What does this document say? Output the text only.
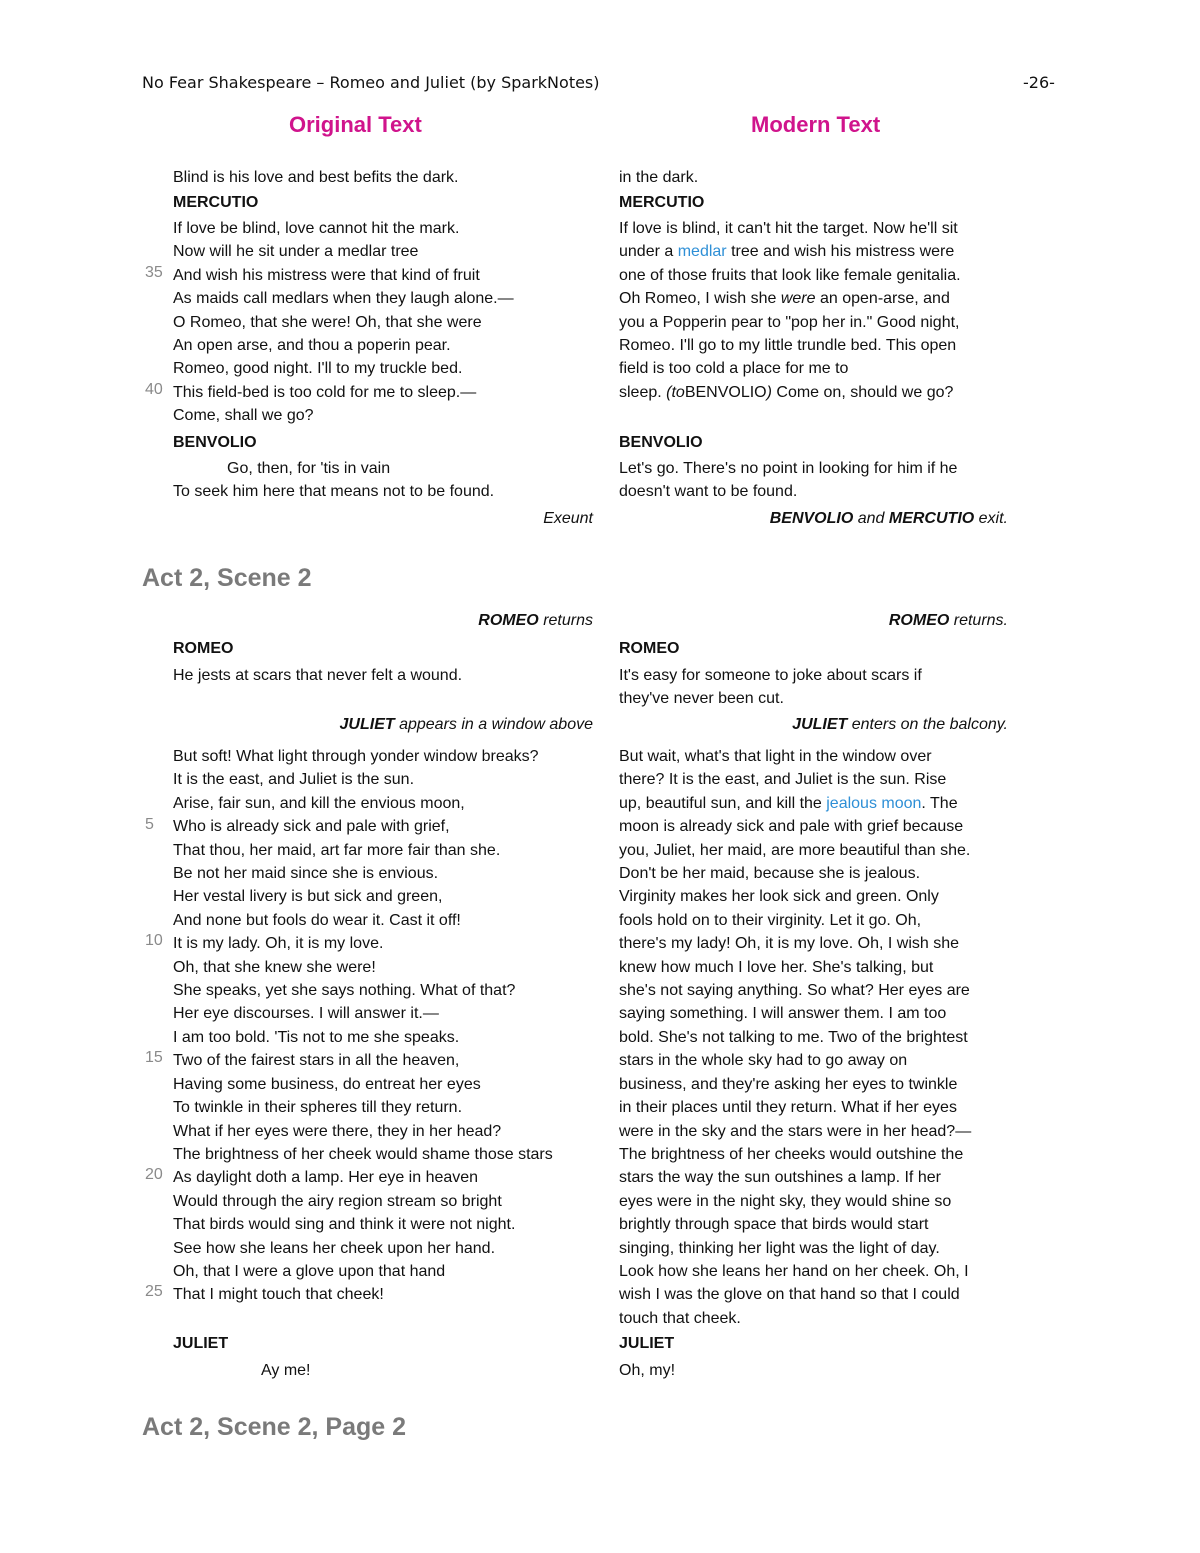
No Fear Shakespeare – Romeo and Juliet (by SparkNotes)	-26-
Original Text	Modern Text
Blind is his love and best befits the dark.
MERCUTIO
If love be blind, love cannot hit the mark.
Now will he sit under a medlar tree
And wish his mistress were that kind of fruit
As maids call medlars when they laugh alone.—
O Romeo, that she were! Oh, that she were
An open arse, and thou a poperin pear.
Romeo, good night. I'll to my truckle bed.
This field-bed is too cold for me to sleep.—
Come, shall we go?
35
40
BENVOLIO
Go, then, for 'tis in vain
To seek him here that means not to be found.
Exeunt
in the dark.
MERCUTIO
If love is blind, it can't hit the target. Now he'll sit
under a medlar tree and wish his mistress were
one of those fruits that look like female genitalia.
Oh Romeo, I wish she were an open-arse, and
you a Popperin pear to "pop her in." Good night,
Romeo. I'll go to my little trundle bed. This open
field is too cold a place for me to
sleep. (toBENVOLIO) Come on, should we go?
BENVOLIO
Let's go. There's no point in looking for him if he
doesn't want to be found.
BENVOLIO and MERCUTIO exit.
Act 2, Scene 2
ROMEO returns
ROMEO
He jests at scars that never felt a wound.
JULIET appears in a window above
But soft! What light through yonder window breaks?
It is the east, and Juliet is the sun.
Arise, fair sun, and kill the envious moon,
Who is already sick and pale with grief,
That thou, her maid, art far more fair than she.
Be not her maid since she is envious.
Her vestal livery is but sick and green,
And none but fools do wear it. Cast it off!
It is my lady. Oh, it is my love.
Oh, that she knew she were!
She speaks, yet she says nothing. What of that?
Her eye discourses. I will answer it.—
I am too bold. 'Tis not to me she speaks.
Two of the fairest stars in all the heaven,
Having some business, do entreat her eyes
To twinkle in their spheres till they return.
What if her eyes were there, they in her head?
The brightness of her cheek would shame those stars
As daylight doth a lamp. Her eye in heaven
Would through the airy region stream so bright
That birds would sing and think it were not night.
See how she leans her cheek upon her hand.
Oh, that I were a glove upon that hand
That I might touch that cheek!
5
10
15
20
25
JULIET
Ay me!
ROMEO returns.
ROMEO
It's easy for someone to joke about scars if
they've never been cut.
JULIET enters on the balcony.
But wait, what's that light in the window over
there? It is the east, and Juliet is the sun. Rise
up, beautiful sun, and kill the jealous moon. The
moon is already sick and pale with grief because
you, Juliet, her maid, are more beautiful than she.
Don't be her maid, because she is jealous.
Virginity makes her look sick and green. Only
fools hold on to their virginity. Let it go. Oh,
there's my lady! Oh, it is my love. Oh, I wish she
knew how much I love her. She's talking, but
she's not saying anything. So what? Her eyes are
saying something. I will answer them. I am too
bold. She's not talking to me. Two of the brightest
stars in the whole sky had to go away on
business, and they're asking her eyes to twinkle
in their places until they return. What if her eyes
were in the sky and the stars were in her head?—
The brightness of her cheeks would outshine the
stars the way the sun outshines a lamp. If her
eyes were in the night sky, they would shine so
brightly through space that birds would start
singing, thinking her light was the light of day.
Look how she leans her hand on her cheek. Oh, I
wish I was the glove on that hand so that I could
touch that cheek.
JULIET
Oh, my!
Act 2, Scene 2, Page 2
